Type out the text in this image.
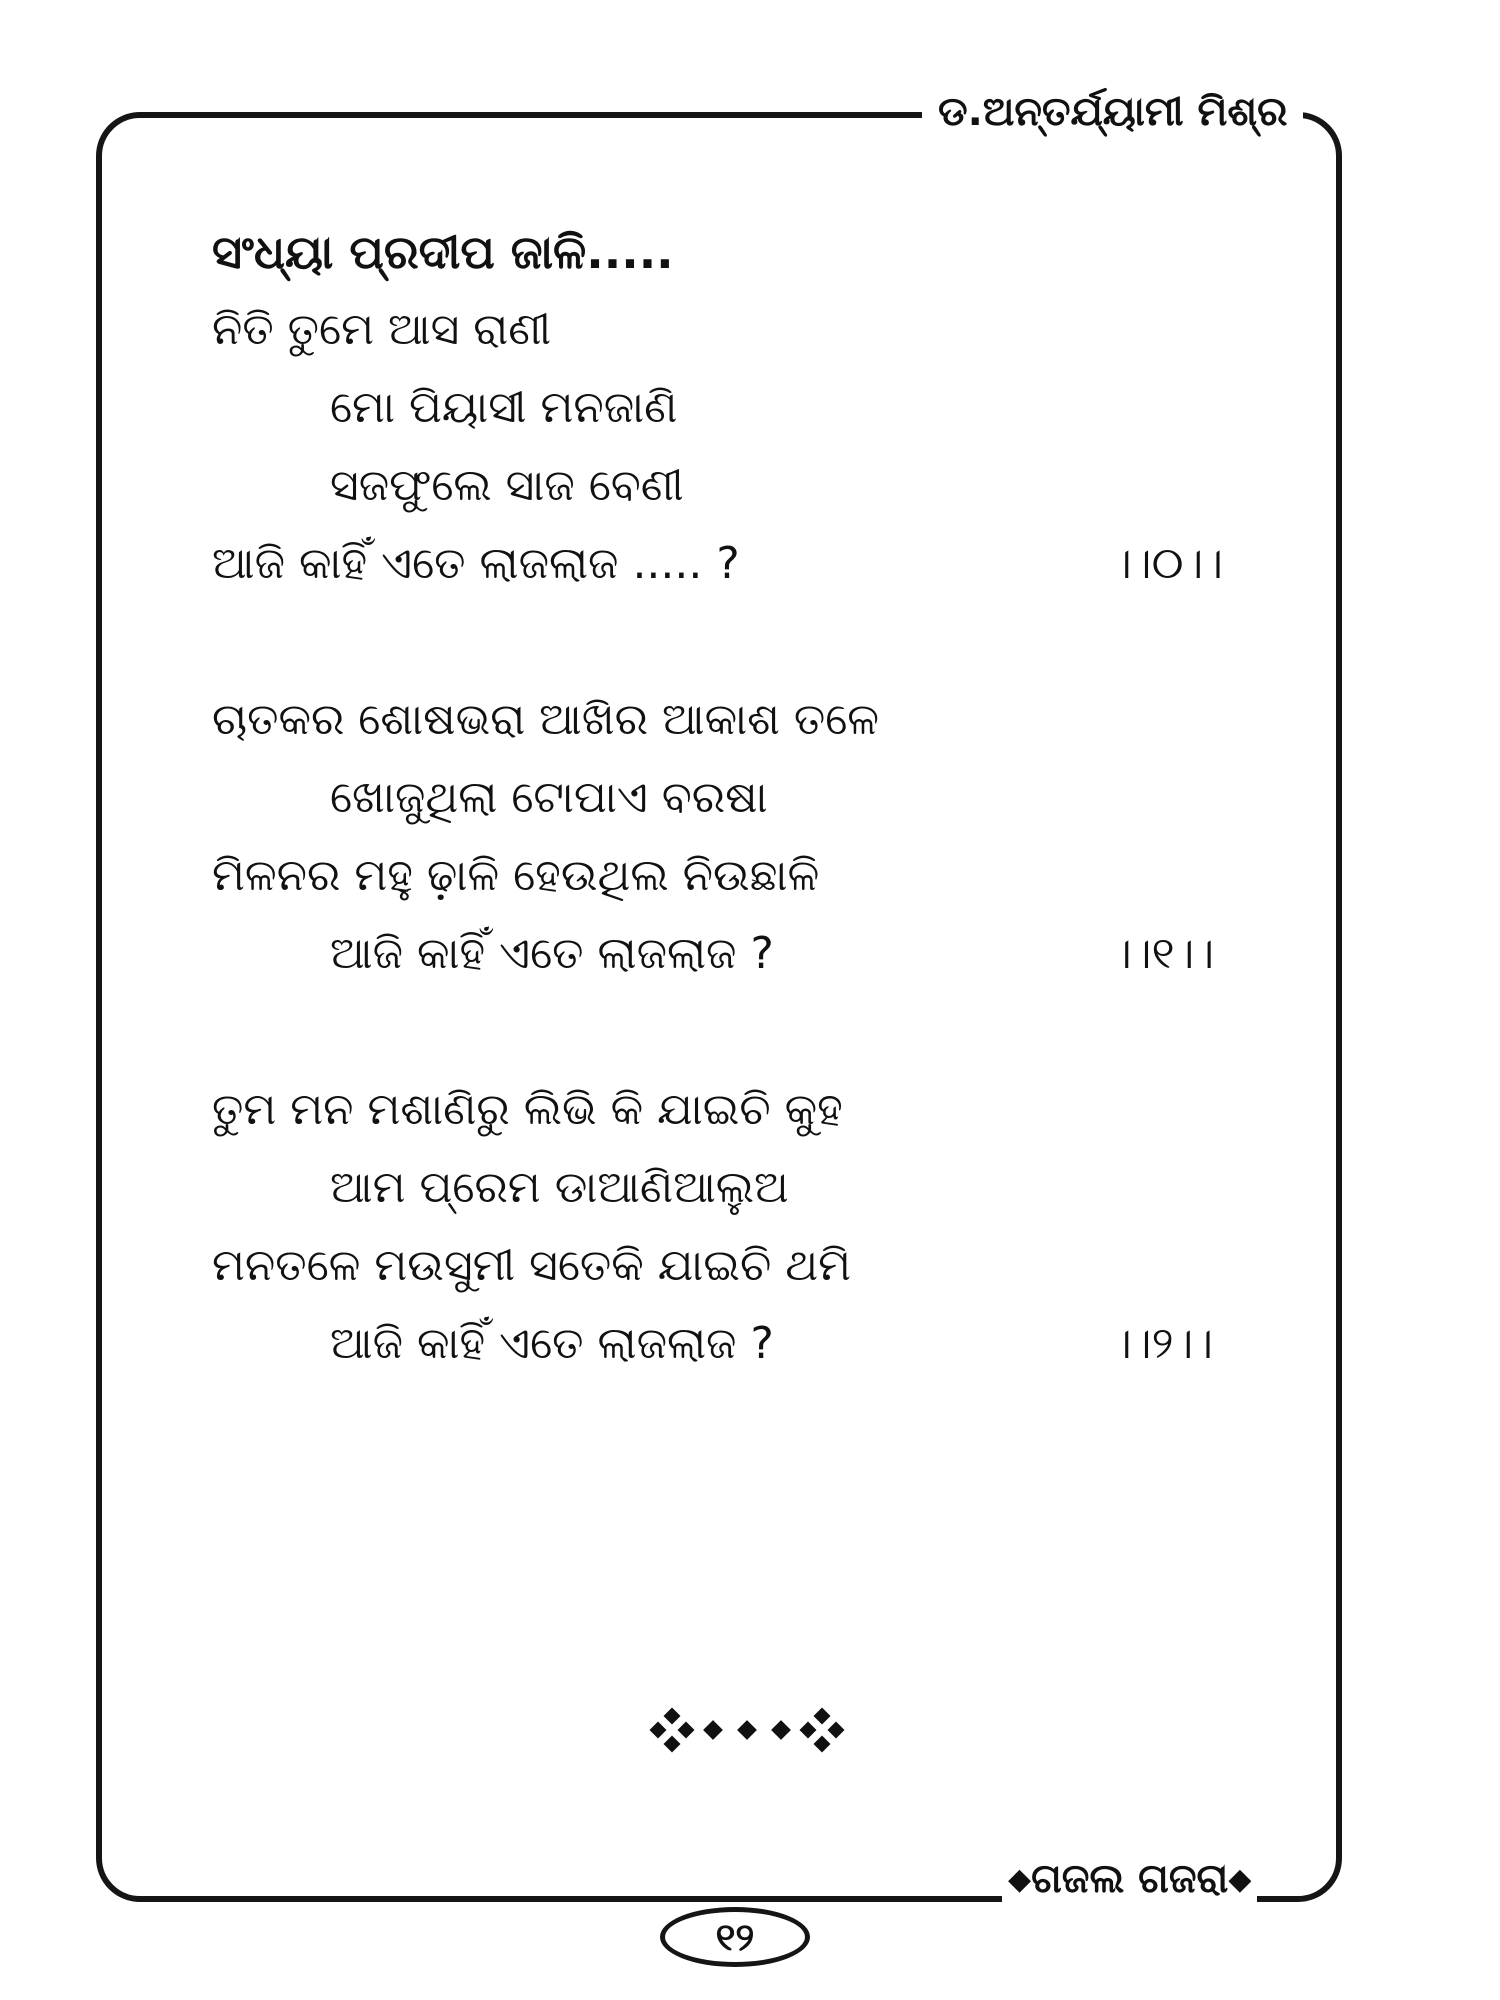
ଡ.ଅନ୍ତର୍ଯ୍ୟାମୀ ମିଶ୍ର
ସଂଧ୍ୟା ପ୍ରଦୀପ ଜାଳି.....
ନିତି ତୁମେ ଆସ ରାଣୀ
ମୋ ପିୟାସୀ ମନଜାଣି
ସଜଫୁଲେ ସାଜ ବେଣୀ
ଆଜି କାହିଁ ଏତେ ଲାଜଲାଜ ..... ?	।।୦।।
ଚାତକର ଶୋଷଭରା ଆଖିର ଆକାଶ ତଳେ
ଖୋଜୁଥିଲା ଟୋପାଏ ବରଷା
ମିଳନର ମହୁ ଢ଼ାଳି ହେଉଥିଲ ନିଉଛାଳି
ଆଜି କାହିଁ ଏତେ ଲାଜଲାଜ ?	।।୧।।
ତୁମ ମନ ମଶାଣିରୁ ଲିଭି କି ଯାଇଚି କୁହ
ଆମ ପ୍ରେମ ଡାଆଣିଆଲୁଅ
ମନତଳେ ମଉସୁମୀ ସତେକି ଯାଇଚି ଥମି
ଆଜି କାହିଁ ଏତେ ଲାଜଲାଜ ?	।।୨।।
◆ଗଜଲ ଗଜରା◆
୧୨
